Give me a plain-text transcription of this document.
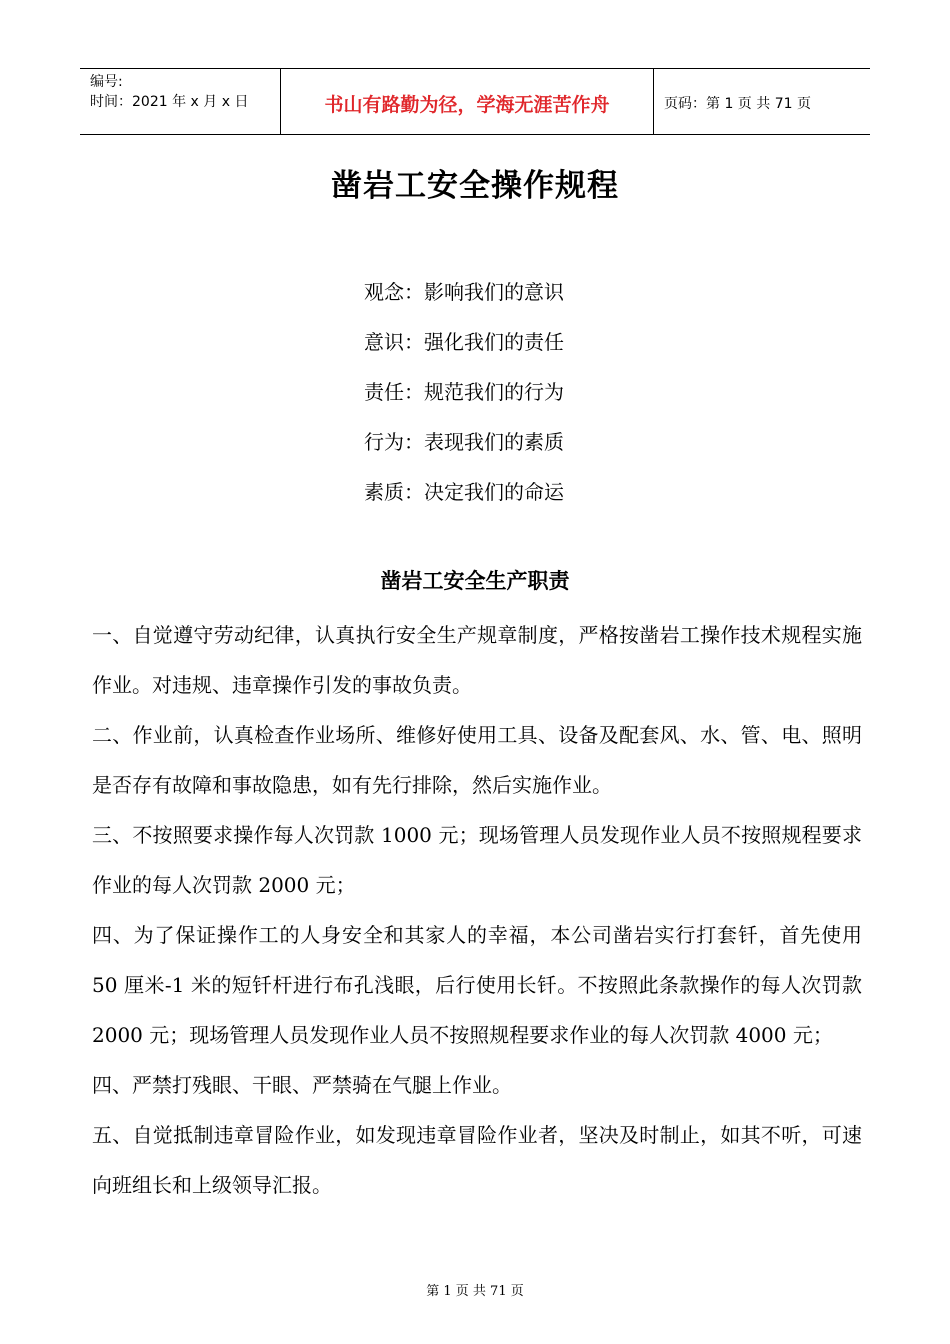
编号:
时间：2021 年 x 月 x 日	书山有路勤为径，学海无涯苦作舟	页码：第 1 页 共 71 页
凿岩工安全操作规程
观念：影响我们的意识
意识：强化我们的责任
责任：规范我们的行为
行为：表现我们的素质
素质：决定我们的命运
凿岩工安全生产职责

一、自觉遵守劳动纪律，认真执行安全生产规章制度，严格按凿岩工操作技术规程实施作业。对违规、违章操作引发的事故负责。

二、作业前，认真检查作业场所、维修好使用工具、设备及配套风、水、管、电、照明是否存有故障和事故隐患，如有先行排除，然后实施作业。

三、不按照要求操作每人次罚款 1000 元；现场管理人员发现作业人员不按照规程要求作业的每人次罚款 2000 元；

四、为了保证操作工的人身安全和其家人的幸福，本公司凿岩实行打套钎，首先使用 50 厘米-1 米的短钎杆进行布孔浅眼，后行使用长钎。不按照此条款操作的每人次罚款 2000 元；现场管理人员发现作业人员不按照规程要求作业的每人次罚款 4000 元；

四、严禁打残眼、干眼、严禁骑在气腿上作业。

五、自觉抵制违章冒险作业，如发现违章冒险作业者，坚决及时制止，如其不听，可速向班组长和上级领导汇报。

第 1 页 共 71 页
